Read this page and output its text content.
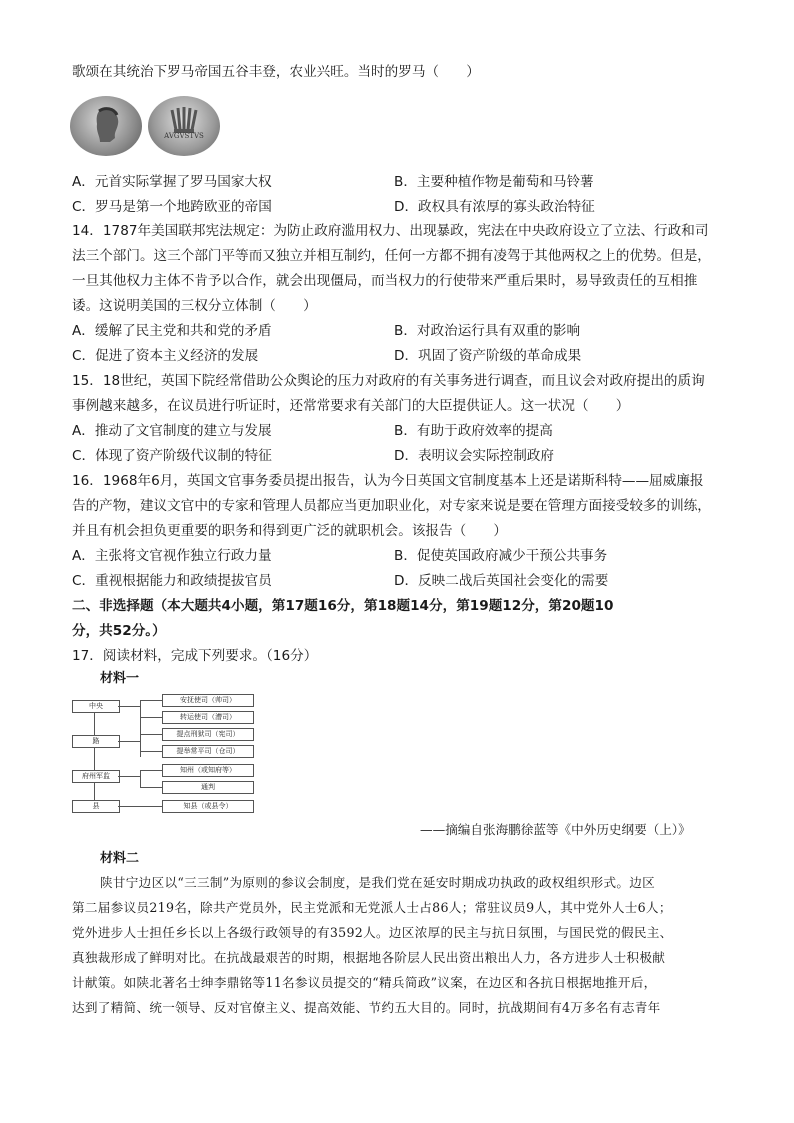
歌颂在其统治下罗马帝国五谷丰登，农业兴旺。当时的罗马（　　）
AVGVSTVS
A．元首实际掌握了罗马国家大权	B．主要种植作物是葡萄和马铃薯
C．罗马是第一个地跨欧亚的帝国	D．政权具有浓厚的寡头政治特征
14．1787年美国联邦宪法规定：为防止政府滥用权力、出现暴政，宪法在中央政府设立了立法、行政和司
法三个部门。这三个部门平等而又独立并相互制约，任何一方都不拥有凌驾于其他两权之上的优势。但是，
一旦其他权力主体不肯予以合作，就会出现僵局，而当权力的行使带来严重后果时，易导致责任的互相推
诿。这说明美国的三权分立体制（　　）
A．缓解了民主党和共和党的矛盾	B．对政治运行具有双重的影响
C．促进了资本主义经济的发展	D．巩固了资产阶级的革命成果
15．18世纪，英国下院经常借助公众舆论的压力对政府的有关事务进行调查，而且议会对政府提出的质询
事例越来越多，在议员进行听证时，还常常要求有关部门的大臣提供证人。这一状况（　　）
A．推动了文官制度的建立与发展	B．有助于政府效率的提高
C．体现了资产阶级代议制的特征	D．表明议会实际控制政府
16．1968年6月，英国文官事务委员提出报告，认为今日英国文官制度基本上还是诺斯科特——屈威廉报
告的产物，建议文官中的专家和管理人员都应当更加职业化，对专家来说是要在管理方面接受较多的训练，
并且有机会担负更重要的职务和得到更广泛的就职机会。该报告（　　）
A．主张将文官视作独立行政力量	B．促使英国政府减少干预公共事务
C．重视根据能力和政绩提拔官员	D．反映二战后英国社会变化的需要
二、非选择题（本大题共4小题，第17题16分，第18题14分，第19题12分，第20题10
分，共52分。）
17．阅读材料，完成下列要求。（16分）
材料一
中央
路
府州军监
县
安抚使司（帅司）
转运使司（漕司）
提点刑狱司（宪司）
提举常平司（仓司）
知州（或知府等）
通判
知县（或县令）
——摘编自张海鹏徐蓝等《中外历史纲要（上）》
材料二
陕甘宁边区以“三三制”为原则的参议会制度，是我们党在延安时期成功执政的政权组织形式。边区
第二届参议员219名，除共产党员外，民主党派和无党派人士占86人；常驻议员9人，其中党外人士6人；
党外进步人士担任乡长以上各级行政领导的有3592人。边区浓厚的民主与抗日氛围，与国民党的假民主、
真独裁形成了鲜明对比。在抗战最艰苦的时期，根据地各阶层人民出资出粮出人力，各方进步人士积极献
计献策。如陕北著名士绅李鼎铭等11名参议员提交的“精兵简政”议案，在边区和各抗日根据地推开后，
达到了精简、统一领导、反对官僚主义、提高效能、节约五大目的。同时，抗战期间有4万多名有志青年
